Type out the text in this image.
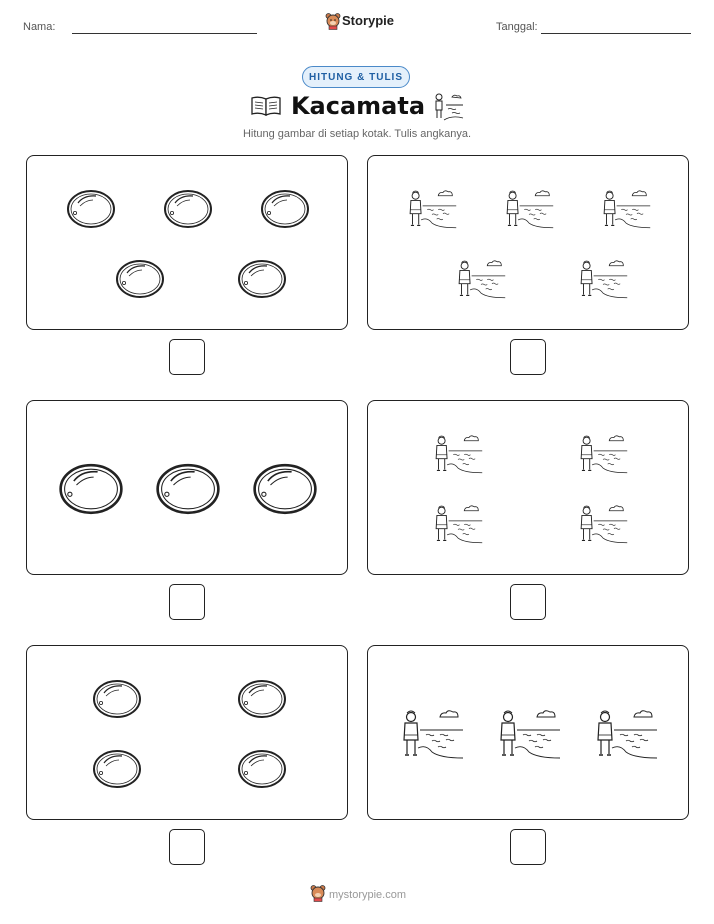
Nama:	Storypie	Tanggal:
HITUNG & TULIS
Kacamata
Hitung gambar di setiap kotak. Tulis angkanya.
mystorypie.com
